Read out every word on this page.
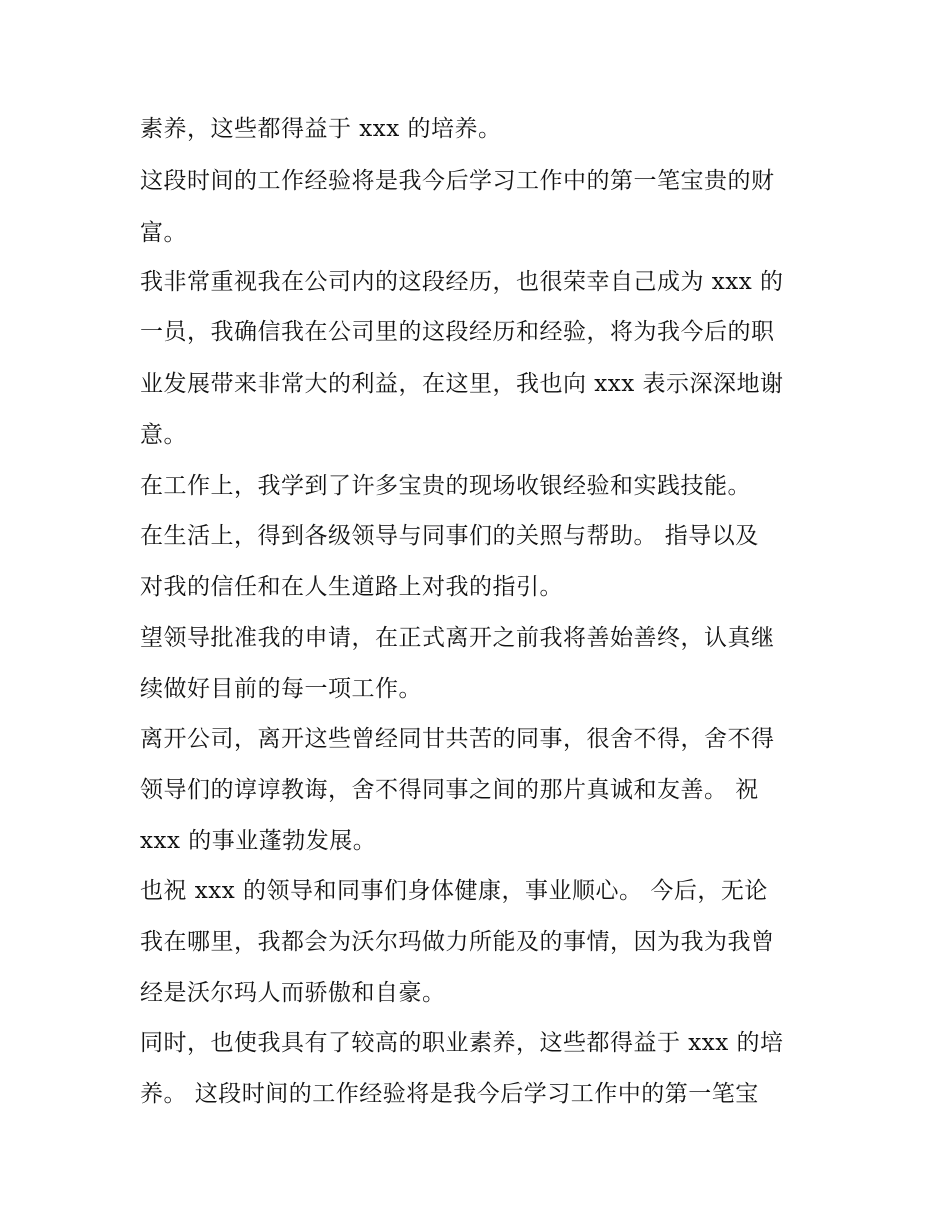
素养，这些都得益于 xxx 的培养。
这段时间的工作经验将是我今后学习工作中的第一笔宝贵的财
富。
我非常重视我在公司内的这段经历，也很荣幸自己成为 xxx 的
一员，我确信我在公司里的这段经历和经验，将为我今后的职
业发展带来非常大的利益，在这里，我也向 xxx 表示深深地谢
意。
在工作上，我学到了许多宝贵的现场收银经验和实践技能。
在生活上，得到各级领导与同事们的关照与帮助。 指导以及
对我的信任和在人生道路上对我的指引。
望领导批准我的申请，在正式离开之前我将善始善终，认真继
续做好目前的每一项工作。
离开公司，离开这些曾经同甘共苦的同事，很舍不得，舍不得
领导们的谆谆教诲，舍不得同事之间的那片真诚和友善。 祝
xxx 的事业蓬勃发展。
也祝 xxx 的领导和同事们身体健康，事业顺心。 今后，无论
我在哪里，我都会为沃尔玛做力所能及的事情，因为我为我曾
经是沃尔玛人而骄傲和自豪。
同时，也使我具有了较高的职业素养，这些都得益于 xxx 的培
养。 这段时间的工作经验将是我今后学习工作中的第一笔宝
